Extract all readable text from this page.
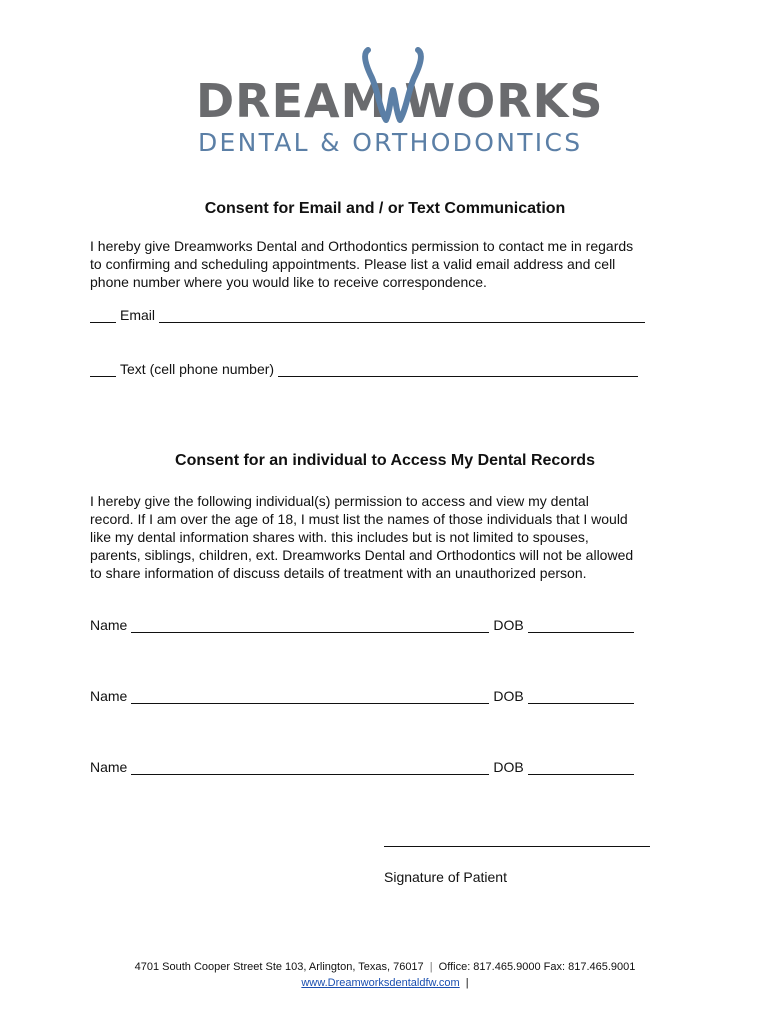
DREAM WORKS
DENTAL & ORTHODONTICS
Consent for Email and / or Text Communication

I hereby give Dreamworks Dental and Orthodontics permission to contact me in regards

to confirming and scheduling appointments. Please list a valid email address and cell

phone number where you would like to receive correspondence.

Email
Text (cell phone number)
Consent for an individual to Access My Dental Records

I hereby give the following individual(s) permission to access and view my dental

record. If I am over the age of 18, I must list the names of those individuals that I would

like my dental information shares with. this includes but is not limited to spouses,

parents, siblings, children, ext. Dreamworks Dental and Orthodontics will not be allowed

to share information of discuss details of treatment with an unauthorized person.

Name	DOB
Name	DOB
Name	DOB
Signature of Patient
4701 South Cooper Street Ste 103, Arlington, Texas, 76017 | Office: 817.465.9000 Fax: 817.465.9001
www.Dreamworksdentaldfw.com |
